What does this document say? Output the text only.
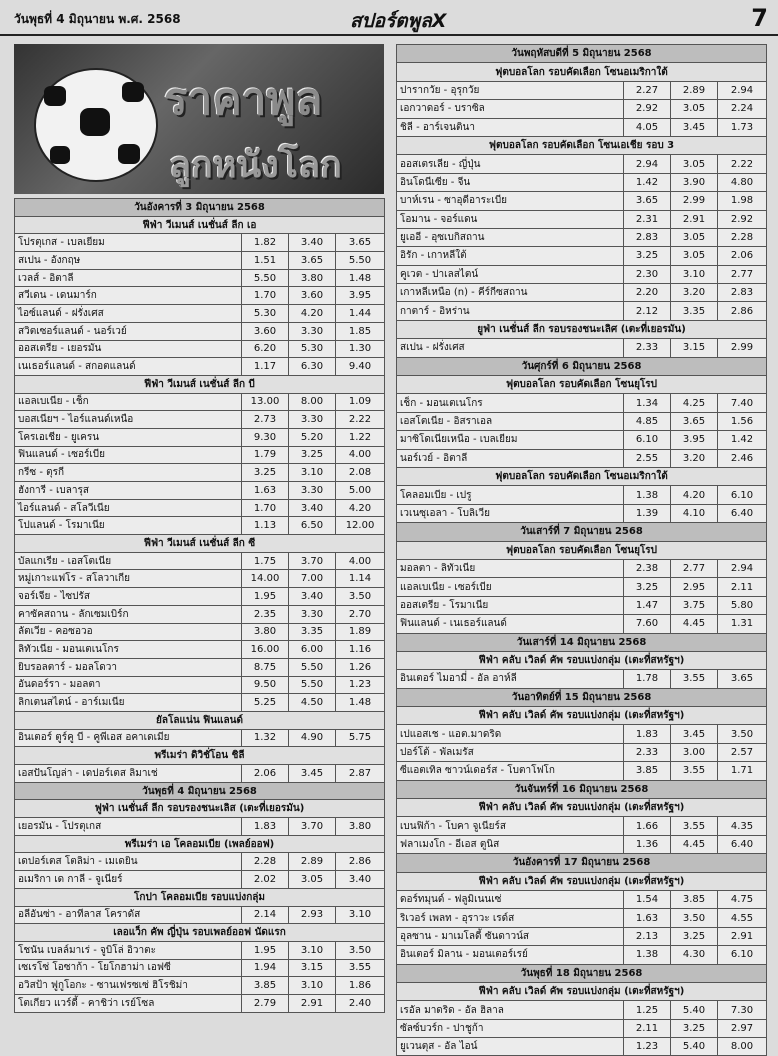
วันพุธที่ 4 มิถุนายน พ.ศ. 2568	สปอร์ตพูลX	7
ราคาพูล
ลูกหนังโลก
วันอังคารที่ 3 มิถุนายน 2568			
ฟีฟ่า วีเมนส์ เนชั่นส์ ลีก เอ			
โปรตุเกส - เบลเยียม	1.82	3.40	3.65
สเปน - อังกฤษ	1.51	3.65	5.50
เวลส์ - อิตาลี	5.50	3.80	1.48
สวีเดน - เดนมาร์ก	1.70	3.60	3.95
ไอซ์แลนด์ - ฝรั่งเศส	5.30	4.20	1.44
สวิตเซอร์แลนด์ - นอร์เวย์	3.60	3.30	1.85
ออสเตรีย - เยอรมัน	6.20	5.30	1.30
เนเธอร์แลนด์ - สกอตแลนด์	1.17	6.30	9.40
ฟีฟ่า วีเมนส์ เนชั่นส์ ลีก บี			
แอลเบเนีย - เช็ก	13.00	8.00	1.09
บอสเนียฯ - ไอร์แลนด์เหนือ	2.73	3.30	2.22
โครเอเชีย - ยูเครน	9.30	5.20	1.22
ฟินแลนด์ - เซอร์เบีย	1.79	3.25	4.00
กรีซ - ตุรกี	3.25	3.10	2.08
ฮังการี - เบลารุส	1.63	3.30	5.00
ไอร์แลนด์ - สโลวีเนีย	1.70	3.40	4.20
โปแลนด์ - โรมาเนีย	1.13	6.50	12.00
ฟีฟ่า วีเมนส์ เนชั่นส์ ลีก ซี			
บัลแกเรีย - เอสโตเนีย	1.75	3.70	4.00
หมู่เกาะแฟโร - สโลวาเกีย	14.00	7.00	1.14
จอร์เจีย - ไซปรัส	1.95	3.40	3.50
คาซัคสถาน - ลักเซมเบิร์ก	2.35	3.30	2.70
ลัตเวีย - คอซอวอ	3.80	3.35	1.89
ลิทัวเนีย - มอนเตเนโกร	16.00	6.00	1.16
ยิบรอลตาร์ - มอลโดวา	8.75	5.50	1.26
อันดอร์รา - มอลตา	9.50	5.50	1.23
ลิกเตนสไตน์ - อาร์เมเนีย	5.25	4.50	1.48
ยัลโลแน่น ฟินแลนด์			
อินเตอร์ ตูร์คู บี - คูพีเอส อคาเดเมีย	1.32	4.90	5.75
พรีเมร่า ดิวิชั่โอน ชิลี			
เอสปันโญล่า - เดปอร์เตส ลิมาเช่	2.06	3.45	2.87
วันพุธที่ 4 มิถุนายน 2568			
ฟูฟ่า เนชั่นส์ ลีก รอบรองชนะเลิส (เตะที่เยอรมัน)			
เยอรมัน - โปรตุเกส	1.83	3.70	3.80
พรีเมร่า เอ โคลอมเบีย (เพลย์ออฟ)			
เดปอร์เตส โตลิม่า - เมเดยิน	2.28	2.89	2.86
อเมริกา เด กาลี - จูเนียร์	2.02	3.05	3.40
โกปา โคลอมเบีย รอบแบ่งกลุ่ม			
อลีอันซ่า - อาทีลาส โคราดัส	2.14	2.93	3.10
เลอแว็ก คัพ ญี่ปุ่น รอบเพลย์ออฟ นัดแรก			
โชนัน เบลล์มาเร่ - จูบิโล่ อิวาตะ	1.95	3.10	3.50
เซเรโซ่ โอซาก้า - โยโกฮาม่า เอฟซี	1.94	3.15	3.55
อวิสป้า ฟูกูโอกะ - ซานเฟรซเซ่ ฮิโรชิม่า	3.85	3.10	1.86
โตเกียว แวร์ดี้ - คาชิว่า เรย์โซล	2.79	2.91	2.40
วันพฤหัสบดีที่ 5 มิถุนายน 2568			
ฟุตบอลโลก รอบคัดเลือก โซนอเมริกาใต้			
ปารากวัย - อุรุกวัย	2.27	2.89	2.94
เอกวาดอร์ - บราซิล	2.92	3.05	2.24
ชิลี - อาร์เจนตินา	4.05	3.45	1.73
ฟุตบอลโลก รอบคัดเลือก โซนเอเชีย รอบ 3			
ออสเตรเลีย - ญี่ปุ่น	2.94	3.05	2.22
อินโดนีเซีย - จีน	1.42	3.90	4.80
บาห์เรน - ซาอุดีอาระเบีย	3.65	2.99	1.98
โอมาน - จอร์แดน	2.31	2.91	2.92
ยูเออี - อุซเบกิสถาน	2.83	3.05	2.28
อิรัก - เกาหลีใต้	3.25	3.05	2.06
คูเวต - ปาเลสไตน์	2.30	3.10	2.77
เกาหลีเหนือ (n) - คีร์กีซสถาน	2.20	3.20	2.83
กาตาร์ - อิหร่าน	2.12	3.35	2.86
ยูฟ่า เนชั่นส์ ลีก รอบรองชนะเลิศ (เตะที่เยอรมัน)			
สเปน - ฝรั่งเศส	2.33	3.15	2.99
วันศุกร์ที่ 6 มิถุนายน 2568			
ฟุตบอลโลก รอบคัดเลือก โซนยุโรป			
เช็ก - มอนเตเนโกร	1.34	4.25	7.40
เอสโตเนีย - อิสราเอล	4.85	3.65	1.56
มาซิโดเนียเหนือ - เบลเยียม	6.10	3.95	1.42
นอร์เวย์ - อิตาลี	2.55	3.20	2.46
ฟุตบอลโลก รอบคัดเลือก โซนอเมริกาใต้			
โคลอมเบีย - เปรู	1.38	4.20	6.10
เวเนซุเอลา - โบลิเวีย	1.39	4.10	6.40
วันเสาร์ที่ 7 มิถุนายน 2568			
ฟุตบอลโลก รอบคัดเลือก โซนยุโรป			
มอลตา - ลิทัวเนีย	2.38	2.77	2.94
แอลเบเนีย - เซอร์เบีย	3.25	2.95	2.11
ออสเตรีย - โรมาเนีย	1.47	3.75	5.80
ฟินแลนด์ - เนเธอร์แลนด์	7.60	4.45	1.31
วันเสาร์ที่ 14 มิถุนายน 2568			
ฟีฟ่า คลับ เวิลด์ คัพ รอบแบ่งกลุ่ม (เตะที่สหรัฐฯ)			
อินเตอร์ ไมอามี่ - อัล อาห์ลี	1.78	3.55	3.65
วันอาทิตย์ที่ 15 มิถุนายน 2568			
ฟีฟ่า คลับ เวิลด์ คัพ รอบแบ่งกลุ่ม (เตะที่สหรัฐฯ)			
เปแอสเช - แอต.มาดริด	1.83	3.45	3.50
ปอร์โต้ - พัลเมรัส	2.33	3.00	2.57
ซีแอตเทิล ซาวน์เดอร์ส - โบตาโฟโก	3.85	3.55	1.71
วันจันทร์ที่ 16 มิถุนายน 2568			
ฟีฟ่า คลับ เวิลด์ คัพ รอบแบ่งกลุ่ม (เตะที่สหรัฐฯ)			
เบนฟิก้า - โบคา จูเนียร์ส	1.66	3.55	4.35
ฟลาเมงโก - อีเอส ตูนิส	1.36	4.45	6.40
วันอังคารที่ 17 มิถุนายน 2568			
ฟีฟ่า คลับ เวิลด์ คัพ รอบแบ่งกลุ่ม (เตะที่สหรัฐฯ)			
ดอร์ทมุนด์ - ฟลูมิเนนเซ่	1.54	3.85	4.75
ริเวอร์ เพลท - อุราวะ เรด์ส	1.63	3.50	4.55
อุลซาน - มาเมโลดี้ ซันดาวน์ส	2.13	3.25	2.91
อินเตอร์ มิลาน - มอนเตอร์เรย์	1.38	4.30	6.10
วันพุธที่ 18 มิถุนายน 2568			
ฟีฟ่า คลับ เวิลด์ คัพ รอบแบ่งกลุ่ม (เตะที่สหรัฐฯ)			
เรอัล มาดริด - อัล ฮิลาล	1.25	5.40	7.30
ซัลซ์บวร์ก - ปาชูก้า	2.11	3.25	2.97
ยูเวนตุส - อัล ไอน์	1.23	5.40	8.00
